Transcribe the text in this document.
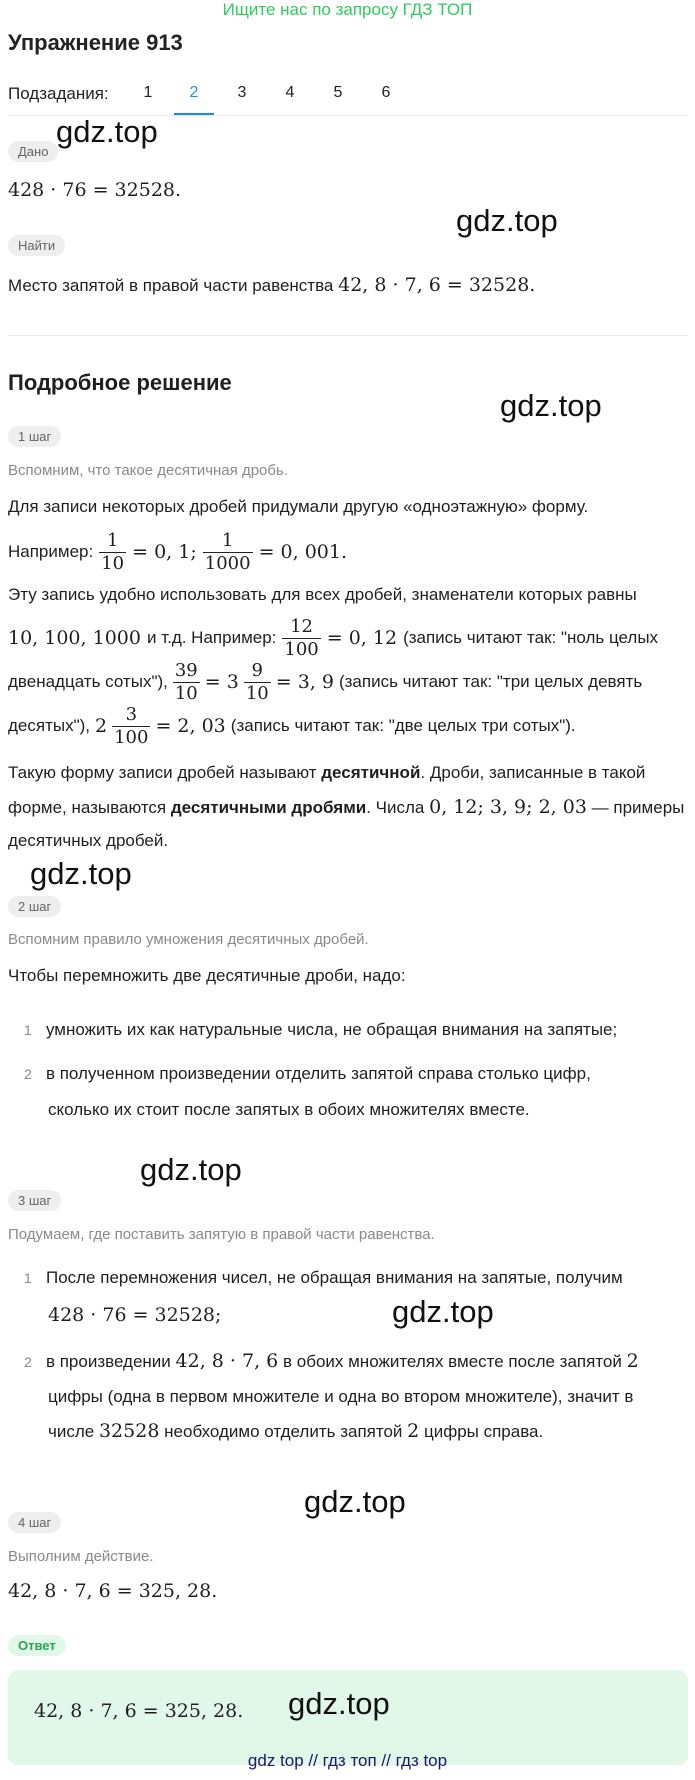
Ищите нас по запросу ГДЗ ТОП
Упражнение 913
Подзадания:	1	2	3	4	5	6
Дано
gdz.top
428 · 76 = 32528.
Найти
gdz.top
Место запятой в правой части равенства 42, 8 · 7, 6 = 32528.
Подробное решение
gdz.top
1 шаг
Вспомним, что такое десятичная дробь.
Для записи некоторых дробей придумали другую «одноэтажную» форму.
Например: $\frac{1}{10} = 0$, 1; $\frac{1}{1000} = 0$, 001.
Эту запись удобно использовать для всех дробей, знаменатели которых равны
10, 100, 1000 и т.д. Например: $\frac{12}{100} = 0$, 12 (запись читают так: "ноль целых
двенадцать сотых"), $\frac{39}{10} = 3 \frac{9}{10} = 3$, 9 (запись читают так: "три целых девять
десятых"), $2 \frac{3}{100} = 2$, 03 (запись читают так: "две целых три сотых").
Такую форму записи дробей называют десятичной. Дроби, записанные в такой
форме, называются десятичными дробями. Числа 0, 12; 3, 9; 2, 03 — примеры
десятичных дробей.
gdz.top
2 шаг
Вспомним правило умножения десятичных дробей.
Чтобы перемножить две десятичные дроби, надо:
1 умножить их как натуральные числа, не обращая внимания на запятые;
2 в полученном произведении отделить запятой справа столько цифр,
сколько их стоит после запятых в обоих множителях вместе.
gdz.top
3 шаг
Подумаем, где поставить запятую в правой части равенства.
1 После перемножения чисел, не обращая внимания на запятые, получим
428 · 76 = 32528;	gdz.top
2 в произведении 42, 8 · 7, 6 в обоих множителях вместе после запятой 2
цифры (одна в первом множителе и одна во втором множителе), значит в
числе 32528 необходимо отделить запятой 2 цифры справа.
gdz.top
4 шаг
Выполним действие.
42, 8 · 7, 6 = 325, 28.
Ответ
42, 8 · 7, 6 = 325, 28. gdz.top
gdz top // гдз топ // гдз top
